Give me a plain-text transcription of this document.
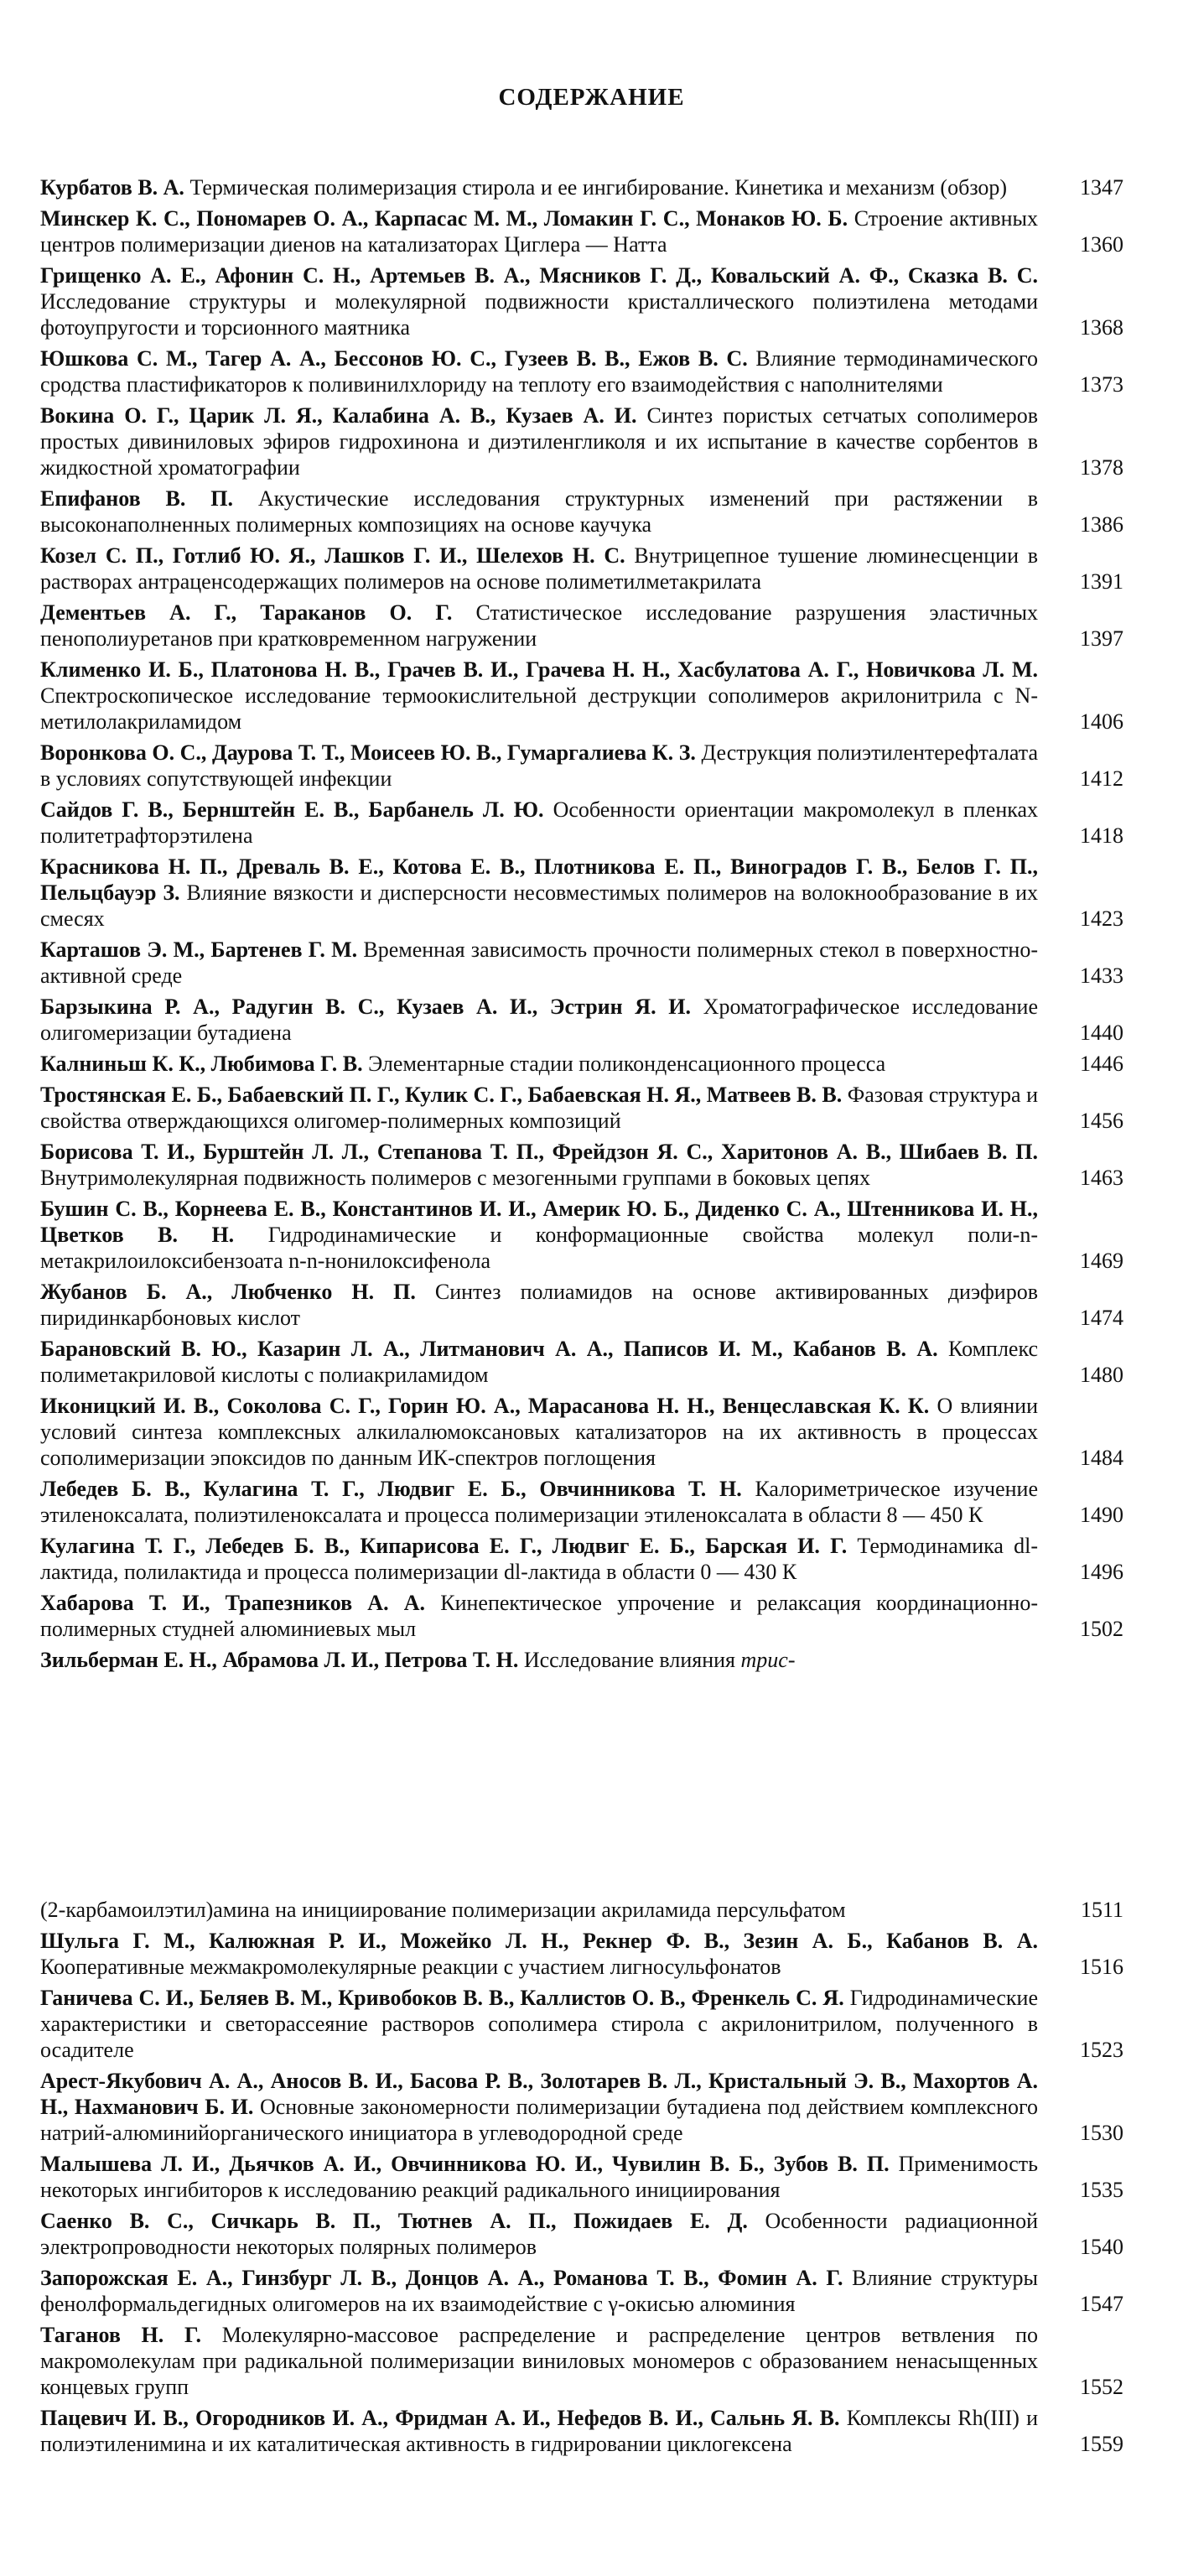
СОДЕРЖАНИЕ
Курбатов В. А. Термическая полимеризация стирола и ее ингибирование. Кинетика и механизм (обзор)	1347
Минскер К. С., Пономарев О. А., Карпасас М. М., Ломакин Г. С., Монаков Ю. Б. Строение активных центров полимеризации диенов на катализаторах Циглера — Натта	1360
Грищенко А. Е., Афонин С. Н., Артемьев В. А., Мясников Г. Д., Ковальский А. Ф., Сказка В. С. Исследование структуры и молекулярной подвижности кристаллического полиэтилена методами фотоупругости и торсионного маятника	1368
Юшкова С. М., Тагер А. А., Бессонов Ю. С., Гузеев В. В., Ежов В. С. Влияние термодинамического сродства пластификаторов к поливинилхлориду на теплоту его взаимодействия с наполнителями	1373
Вокина О. Г., Царик Л. Я., Калабина А. В., Кузаев А. И. Синтез пористых сетчатых сополимеров простых дивиниловых эфиров гидрохинона и диэтиленгликоля и их испытание в качестве сорбентов в жидкостной хроматографии	1378
Епифанов В. П. Акустические исследования структурных изменений при растяжении в высоконаполненных полимерных композициях на основе каучука	1386
Козел С. П., Готлиб Ю. Я., Лашков Г. И., Шелехов Н. С. Внутрицепное тушение люминесценции в растворах антраценсодержащих полимеров на основе полиметилметакрилата	1391
Дементьев А. Г., Тараканов О. Г. Статистическое исследование разрушения эластичных пенополиуретанов при кратковременном нагружении	1397
Клименко И. Б., Платонова Н. В., Грачев В. И., Грачева Н. Н., Хасбулатова А. Г., Новичкова Л. М. Спектроскопическое исследование термоокислительной деструкции сополимеров акрилонитрила с N-метилолакриламидом	1406
Воронкова О. С., Даурова Т. Т., Моисеев Ю. В., Гумаргалиева К. З. Деструкция полиэтилентерефталата в условиях сопутствующей инфекции	1412
Сайдов Г. В., Бернштейн Е. В., Барбанель Л. Ю. Особенности ориентации макромолекул в пленках политетрафторэтилена	1418
Красникова Н. П., Древаль В. Е., Котова Е. В., Плотникова Е. П., Виноградов Г. В., Белов Г. П., Пельцбауэр З. Влияние вязкости и дисперсности несовместимых полимеров на волокнообразование в их смесях	1423
Карташов Э. М., Бартенев Г. М. Временная зависимость прочности полимерных стекол в поверхностно-активной среде	1433
Барзыкина Р. А., Радугин В. С., Кузаев А. И., Эстрин Я. И. Хроматографическое исследование олигомеризации бутадиена	1440
Калниньш К. К., Любимова Г. В. Элементарные стадии поликонденсационного процесса	1446
Тростянская Е. Б., Бабаевский П. Г., Кулик С. Г., Бабаевская Н. Я., Матвеев В. В. Фазовая структура и свойства отверждающихся олигомер-полимерных композиций	1456
Борисова Т. И., Бурштейн Л. Л., Степанова Т. П., Фрейдзон Я. С., Харитонов А. В., Шибаев В. П. Внутримолекулярная подвижность полимеров с мезогенными группами в боковых цепях	1463
Бушин С. В., Корнеева Е. В., Константинов И. И., Америк Ю. Б., Диденко С. А., Штенникова И. Н., Цветков В. Н. Гидродинамические и конформационные свойства молекул поли-n-метакрилоилоксибензоата n-n-нонилоксифенола	1469
Жубанов Б. А., Любченко Н. П. Синтез полиамидов на основе активированных диэфиров пиридинкарбоновых кислот	1474
Барановский В. Ю., Казарин Л. А., Литманович А. А., Паписов И. М., Кабанов В. А. Комплекс полиметакриловой кислоты с полиакриламидом	1480
Иконицкий И. В., Соколова С. Г., Горин Ю. А., Марасанова Н. Н., Венцеславская К. К. О влиянии условий синтеза комплексных алкилалюмоксановых катализаторов на их активность в процессах сополимеризации эпоксидов по данным ИК-спектров поглощения	1484
Лебедев Б. В., Кулагина Т. Г., Людвиг Е. Б., Овчинникова Т. Н. Калориметрическое изучение этиленоксалата, полиэтиленоксалата и процесса полимеризации этиленоксалата в области 8 — 450 К	1490
Кулагина Т. Г., Лебедев Б. В., Кипарисова Е. Г., Людвиг Е. Б., Барская И. Г. Термодинамика dl-лактида, полилактида и процесса полимеризации dl-лактида в области 0 — 430 К	1496
Хабарова Т. И., Трапезников А. А. Кинепектическое упрочение и релаксация координационно-полимерных студней алюминиевых мыл	1502
Зильберман Е. Н., Абрамова Л. И., Петрова Т. Н. Исследование влияния трис-
(2-карбамоилэтил)амина на инициирование полимеризации акриламида персульфатом	1511
Шульга Г. М., Калюжная Р. И., Можейко Л. Н., Рекнер Ф. В., Зезин А. Б., Кабанов В. А. Кооперативные межмакромолекулярные реакции с участием лигносульфонатов	1516
Ганичева С. И., Беляев В. М., Кривобоков В. В., Каллистов О. В., Френкель С. Я. Гидродинамические характеристики и светорассеяние растворов сополимера стирола с акрилонитрилом, полученного в осадителе	1523
Арест-Якубович А. А., Аносов В. И., Басова Р. В., Золотарев В. Л., Кристальный Э. В., Махортов А. Н., Нахманович Б. И. Основные закономерности полимеризации бутадиена под действием комплексного натрий-алюминийорганического инициатора в углеводородной среде	1530
Малышева Л. И., Дьячков А. И., Овчинникова Ю. И., Чувилин В. Б., Зубов В. П. Применимость некоторых ингибиторов к исследованию реакций радикального инициирования	1535
Саенко В. С., Сичкарь В. П., Тютнев А. П., Пожидаев Е. Д. Особенности радиационной электропроводности некоторых полярных полимеров	1540
Запорожская Е. А., Гинзбург Л. В., Донцов А. А., Романова Т. В., Фомин А. Г. Влияние структуры фенолформальдегидных олигомеров на их взаимодействие с γ-окисью алюминия	1547
Таганов Н. Г. Молекулярно-массовое распределение и распределение центров ветвления по макромолекулам при радикальной полимеризации виниловых мономеров с образованием ненасыщенных концевых групп	1552
Пацевич И. В., Огородников И. А., Фридман А. И., Нефедов В. И., Сальнь Я. В. Комплексы Rh(III) и полиэтиленимина и их каталитическая активность в гидрировании циклогексена	1559
